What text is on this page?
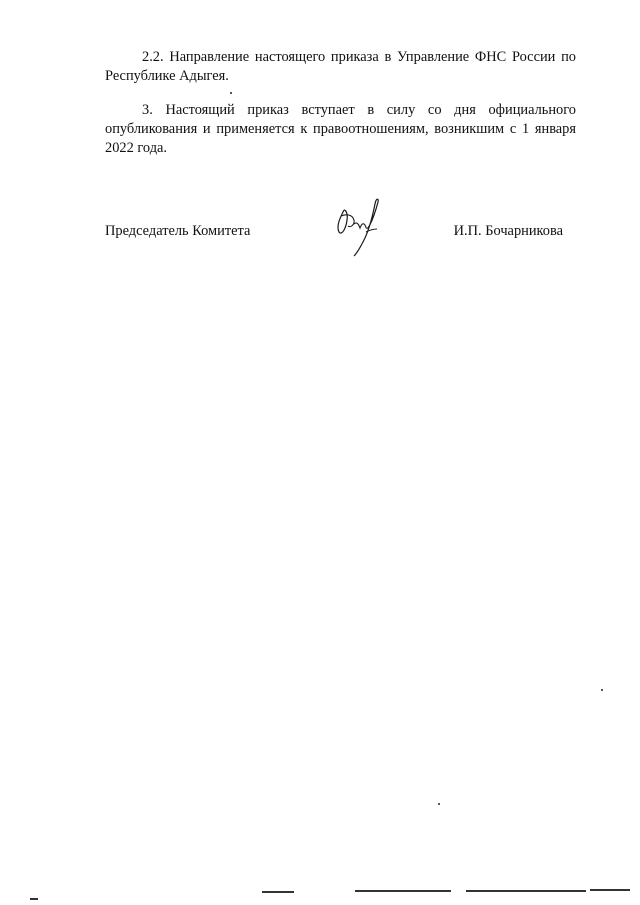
2.2. Направление настоящего приказа в Управление ФНС России по Республике Адыгея.

3. Настоящий приказ вступает в силу со дня официального опубликования и применяется к правоотношениям, возникшим с 1 января 2022 года.

Председатель Комитета	И.П. Бочарникова
